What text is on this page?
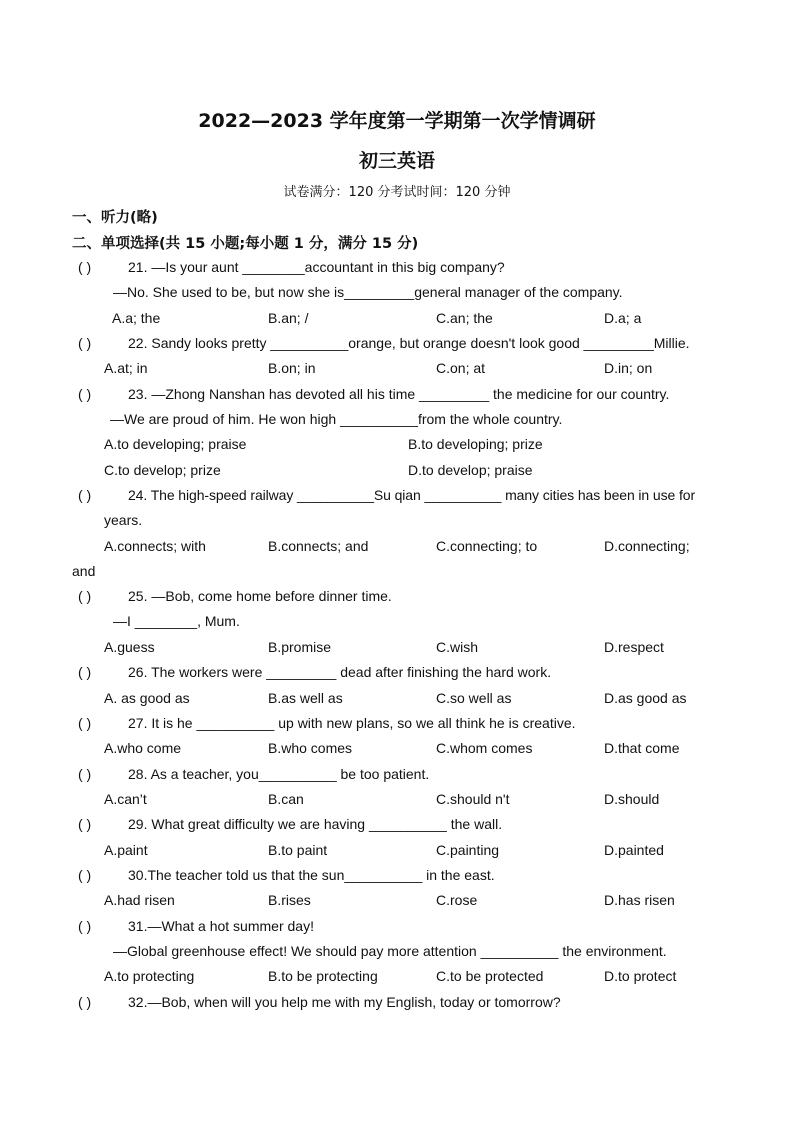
2022—2023 学年度第一学期第一次学情调研
初三英语
试卷满分：120 分考试时间：120 分钟
一、听力(略)
二、单项选择(共 15 小题;每小题 1 分，满分 15 分)
( )	21. —Is your aunt ________accountant in this big company?
—No. She used to be, but now she is_________general manager of the company.
A.a; the	B.an; /	C.an; the	D.a; a
( )	22. Sandy looks pretty __________orange, but orange doesn't look good _________Millie.
A.at; in	B.on; in	C.on; at	D.in; on
( )	23. —Zhong Nanshan has devoted all his time _________ the medicine for our country.
—We are proud of him. He won high __________from the whole country.
A.to developing; praise	B.to developing; prize
C.to develop; prize	D.to develop; praise
( )	24. The high-speed railway __________Su qian __________ many cities has been in use for
years.
A.connects; with	B.connects; and	C.connecting; to	D.connecting;
and
( )	25. —Bob, come home before dinner time.
—I ________, Mum.
A.guess	B.promise	C.wish	D.respect
( )	26. The workers were _________ dead after finishing the hard work.
A. as good as	B.as well as	C.so well as	D.as good as
( )	27. It is he __________ up with new plans, so we all think he is creative.
A.who come	B.who comes	C.whom comes	D.that come
( )	28. As a teacher, you__________ be too patient.
A.can’t	B.can	C.should n't	D.should
( )	29. What great difficulty we are having __________ the wall.
A.paint	B.to paint	C.painting	D.painted
( )	30.The teacher told us that the sun__________ in the east.
A.had risen	B.rises	C.rose	D.has risen
( )	31.—What a hot summer day!
—Global greenhouse effect! We should pay more attention __________ the environment.
A.to protecting	B.to be protecting	C.to be protected	D.to protect
( )	32.—Bob, when will you help me with my English, today or tomorrow?
